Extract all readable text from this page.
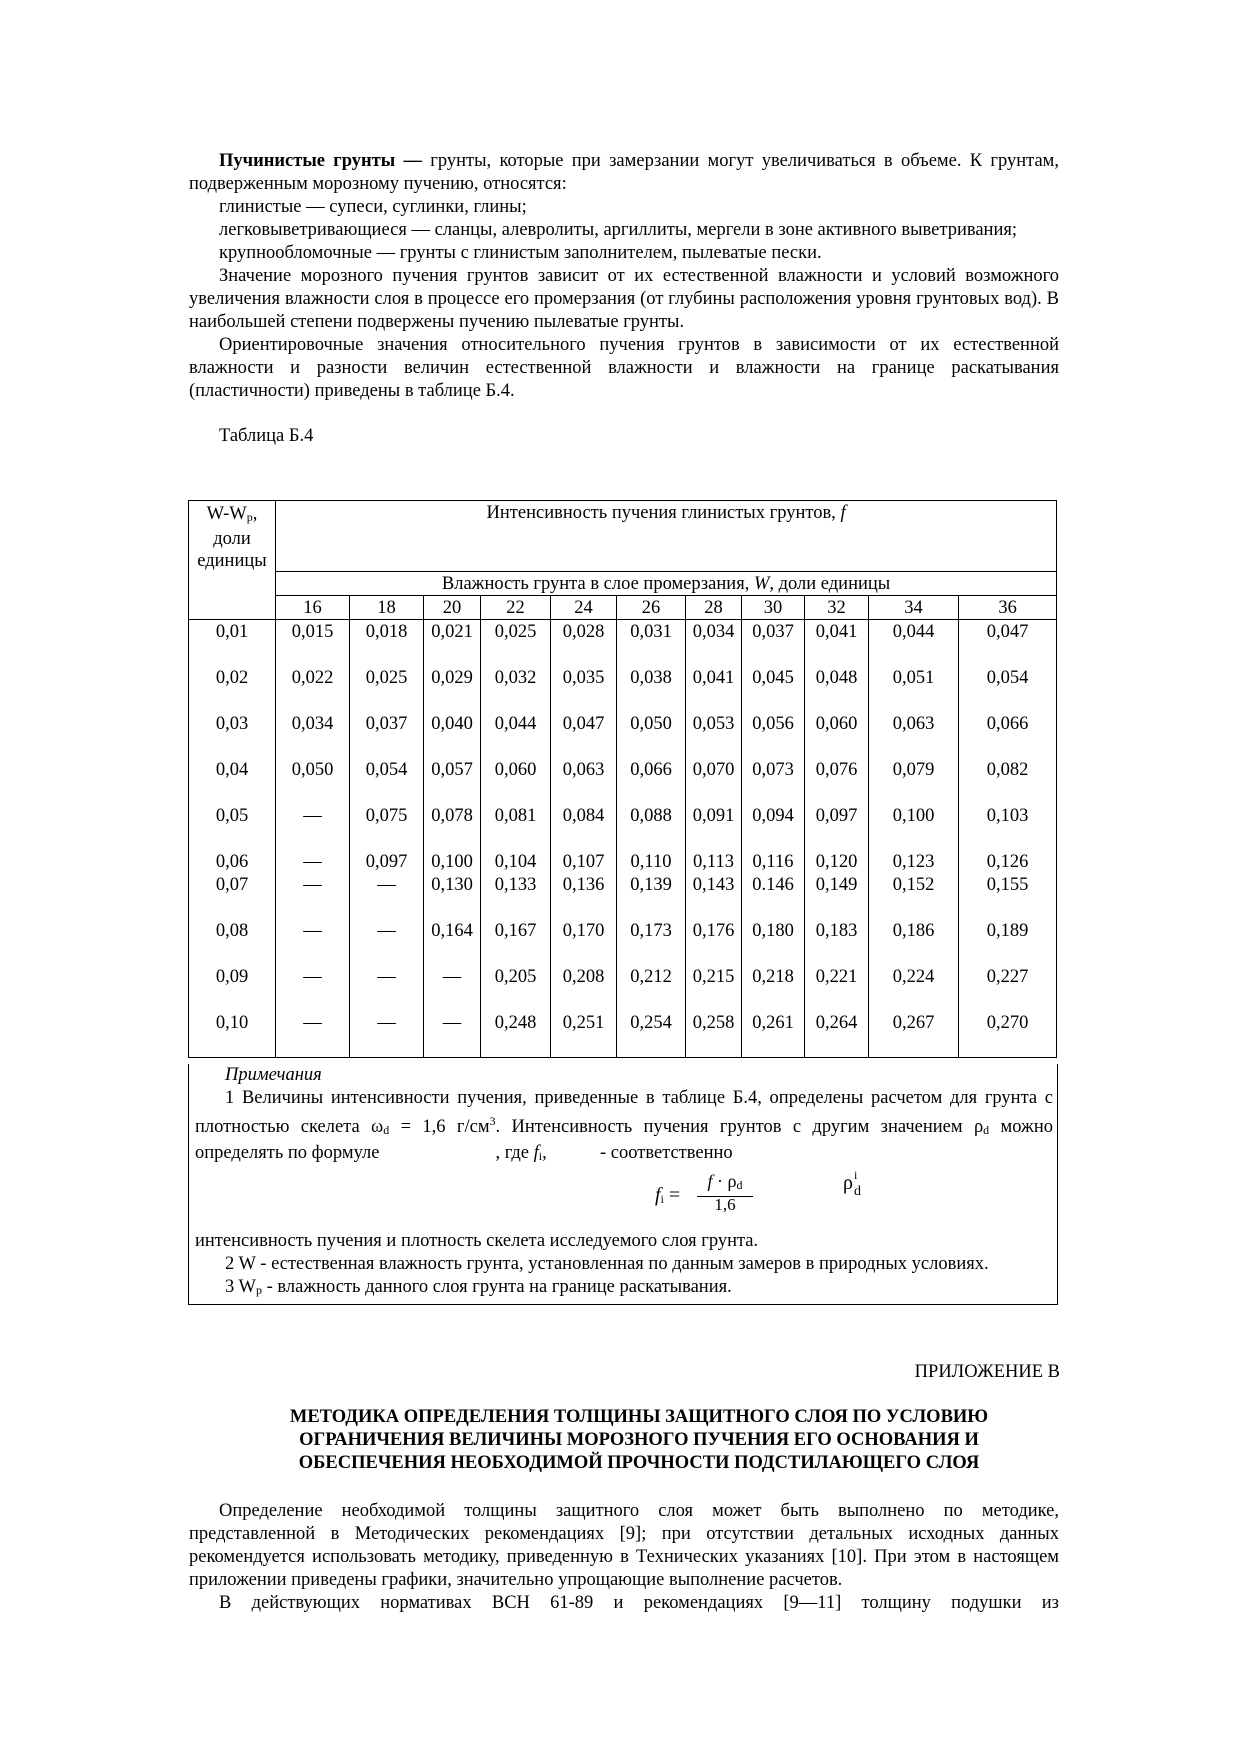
Пучинистые грунты — грунты, которые при замерзании могут увеличиваться в объеме. К грунтам, подверженным морозному пучению, относятся:

глинистые — супеси, суглинки, глины;

легковыветривающиеся — сланцы, алевролиты, аргиллиты, мергели в зоне активного выветривания;

крупнообломочные — грунты с глинистым заполнителем, пылеватые пески.

Значение морозного пучения грунтов зависит от их естественной влажности и условий возможного увеличения влажности слоя в процессе его промерзания (от глубины расположения уровня грунтовых вод). В наибольшей степени подвержены пучению пылеватые грунты.

Ориентировочные значения относительного пучения грунтов в зависимости от их естественной влажности и разности величин естественной влажности и влажности на границе раскатывания (пластичности) приведены в таблице Б.4.

Таблица Б.4
W-Wp, доли единицы	Интенсивность пучения глинистых грунтов, f										
	Влажность грунта в слое промерзания, W, доли единицы										
	16	18	20	22	24	26	28	30	32	34	36
0,01	0,015	0,018	0,021	0,025	0,028	0,031	0,034	0,037	0,041	0,044	0,047
0,02	0,022	0,025	0,029	0,032	0,035	0,038	0,041	0,045	0,048	0,051	0,054
0,03	0,034	0,037	0,040	0,044	0,047	0,050	0,053	0,056	0,060	0,063	0,066
0,04	0,050	0,054	0,057	0,060	0,063	0,066	0,070	0,073	0,076	0,079	0,082
0,05	—	0,075	0,078	0,081	0,084	0,088	0,091	0,094	0,097	0,100	0,103
0,06	—	0,097	0,100	0,104	0,107	0,110	0,113	0,116	0,120	0,123	0,126
0,07	—	—	0,130	0,133	0,136	0,139	0,143	0.146	0,149	0,152	0,155
0,08	—	—	0,164	0,167	0,170	0,173	0,176	0,180	0,183	0,186	0,189
0,09	—	—	—	0,205	0,208	0,212	0,215	0,218	0,221	0,224	0,227
0,10	—	—	—	0,248	0,251	0,254	0,258	0,261	0,264	0,267	0,270

Примечания

1 Величины интенсивности пучения, приведенные в таблице Б.4, определены расчетом для грунта с плотностью скелета ωd = 1,6 $г/см^3$. Интенсивность пучения грунтов с другим значением ρd можно определять по формуле	, где fi,  - соответственно

fi =
f · ρd
1,6
ρ i
d

интенсивность пучения и плотность скелета исследуемого слоя грунта.

2 W - естественная влажность грунта, установленная по данным замеров в природных условиях.

3 Wp - влажность данного слоя грунта на границе раскатывания.

ПРИЛОЖЕНИЕ В
МЕТОДИКА ОПРЕДЕЛЕНИЯ ТОЛЩИНЫ ЗАЩИТНОГО СЛОЯ ПО УСЛОВИЮ
ОГРАНИЧЕНИЯ ВЕЛИЧИНЫ МОРОЗНОГО ПУЧЕНИЯ ЕГО ОСНОВАНИЯ И
ОБЕСПЕЧЕНИЯ НЕОБХОДИМОЙ ПРОЧНОСТИ ПОДСТИЛАЮЩЕГО СЛОЯ

Определение необходимой толщины защитного слоя может быть выполнено по методике, представленной в Методических рекомендациях [9]; при отсутствии детальных исходных данных рекомендуется использовать методику, приведенную в Технических указаниях [10]. При этом в настоящем приложении приведены графики, значительно упрощающие выполнение расчетов.

В действующих нормативах ВСН 61-89 и рекомендациях [9—11] толщину подушки из
